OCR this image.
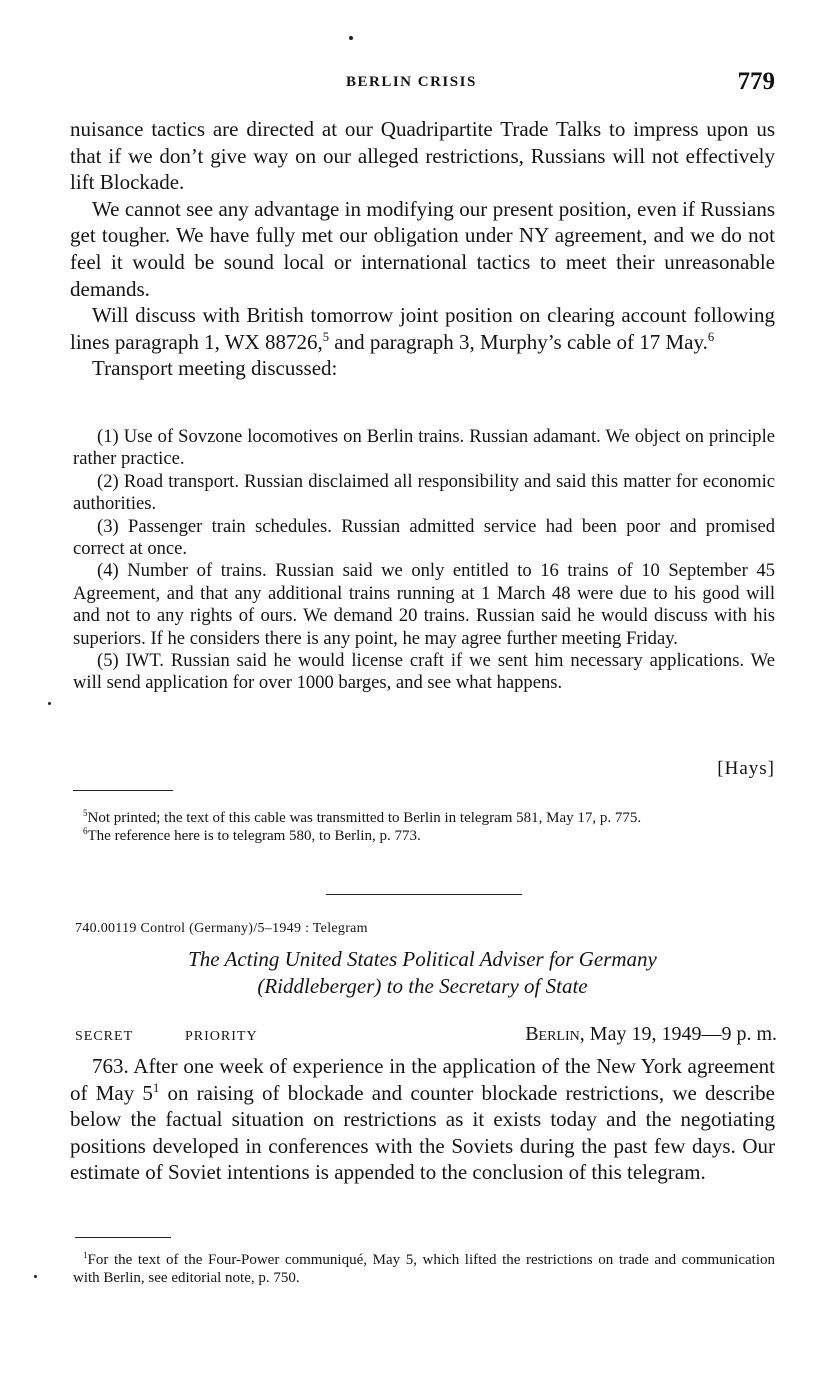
BERLIN CRISIS	779

nuisance tactics are directed at our Quadripartite Trade Talks to impress upon us that if we don’t give way on our alleged restrictions, Russians will not effectively lift Blockade.

We cannot see any advantage in modifying our present position, even if Russians get tougher. We have fully met our obligation under NY agreement, and we do not feel it would be sound local or international tactics to meet their unreasonable demands.

Will discuss with British tomorrow joint position on clearing account following lines paragraph 1, WX 88726,$^5$ and paragraph 3, Murphy’s cable of 17 May.$^6$

Transport meeting discussed:

(1) Use of Sovzone locomotives on Berlin trains. Russian adamant. We object on principle rather practice.

(2) Road transport. Russian disclaimed all responsibility and said this matter for economic authorities.

(3) Passenger train schedules. Russian admitted service had been poor and promised correct at once.

(4) Number of trains. Russian said we only entitled to 16 trains of 10 September 45 Agreement, and that any additional trains running at 1 March 48 were due to his good will and not to any rights of ours. We demand 20 trains. Russian said he would discuss with his superiors. If he considers there is any point, he may agree further meeting Friday.

(5) IWT. Russian said he would license craft if we sent him necessary applications. We will send application for over 1000 barges, and see what happens.

[Hays]

$^5$Not printed; the text of this cable was transmitted to Berlin in telegram 581, May 17, p. 775.

$^6$The reference here is to telegram 580, to Berlin, p. 773.

740.00119 Control (Germany)/5–1949 : Telegram
The Acting United States Political Adviser for Germany
(Riddleberger) to the Secretary of State
SECRET	PRIORITY	Berlin, May 19, 1949—9 p. m.

763. After one week of experience in the application of the New York agreement of May $5^1$ on raising of blockade and counter blockade restrictions, we describe below the factual situation on restrictions as it exists today and the negotiating positions developed in conferences with the Soviets during the past few days. Our estimate of Soviet intentions is appended to the conclusion of this telegram.

$^1$For the text of the Four-Power communiqué, May 5, which lifted the restrictions on trade and communication with Berlin, see editorial note, p. 750.
